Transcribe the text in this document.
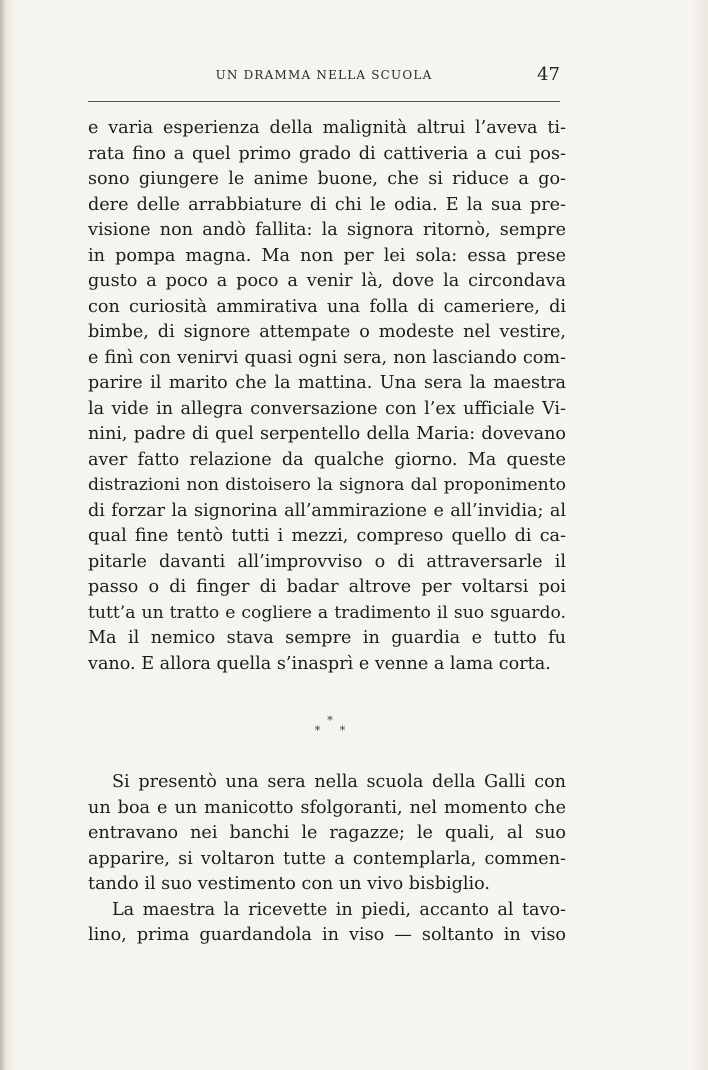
UN DRAMMA NELLA SCUOLA	47
e varia esperienza della malignità altrui l’aveva ti-
rata fino a quel primo grado di cattiveria a cui pos-
sono giungere le anime buone, che si riduce a go-
dere delle arrabbiature di chi le odia. E la sua pre-
visione non andò fallita: la signora ritornò, sempre
in pompa magna. Ma non per lei sola: essa prese
gusto a poco a poco a venir là, dove la circondava
con curiosità ammirativa una folla di cameriere, di
bimbe, di signore attempate o modeste nel vestire,
e finì con venirvi quasi ogni sera, non lasciando com-
parire il marito che la mattina. Una sera la maestra
la vide in allegra conversazione con l’ex ufficiale Vi-
nini, padre di quel serpentello della Maria: dovevano
aver fatto relazione da qualche giorno. Ma queste
distrazioni non distoisero la signora dal proponimento
di forzar la signorina all’ammirazione e all’invidia; al
qual fine tentò tutti i mezzi, compreso quello di ca-
pitarle davanti all’improvviso o di attraversarle il
passo o di finger di badar altrove per voltarsi poi
tutt’a un tratto e cogliere a tradimento il suo sguardo.
Ma il nemico stava sempre in guardia e tutto fu
vano. E allora quella s’inasprì e venne a lama corta.
*
* *
Si presentò una sera nella scuola della Galli con
un boa e un manicotto sfolgoranti, nel momento che
entravano nei banchi le ragazze; le quali, al suo
apparire, si voltaron tutte a contemplarla, commen-
tando il suo vestimento con un vivo bisbiglio.
La maestra la ricevette in piedi, accanto al tavo-
lino, prima guardandola in viso — soltanto in viso
